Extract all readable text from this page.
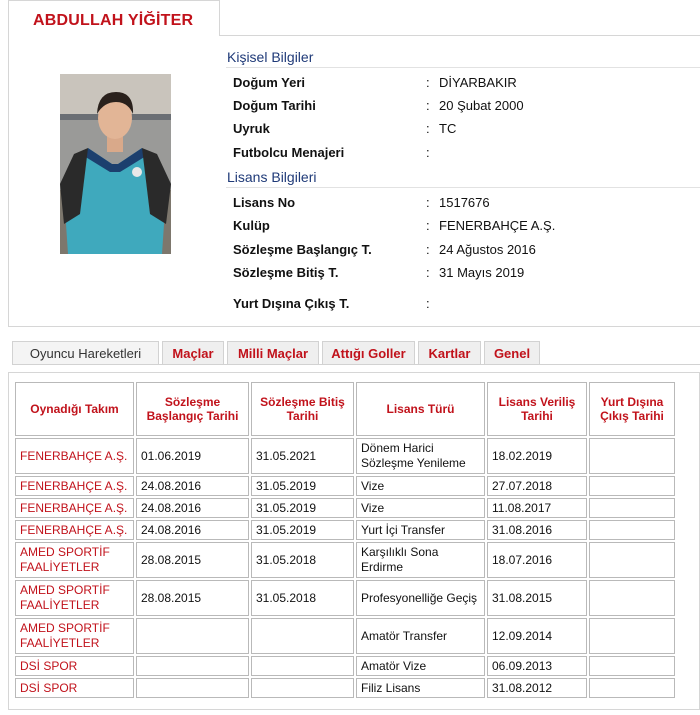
ABDULLAH YİĞİTER
Kişisel Bilgiler
Doğum Yeri	: DİYARBAKIR
Doğum Tarihi	: 20 Şubat 2000
Uyruk	: TC
Futbolcu Menajeri	:
Lisans Bilgileri
Lisans No	: 1517676
Kulüp	: FENERBAHÇE A.Ş.
Sözleşme Başlangıç T.	: 24 Ağustos 2016
Sözleşme Bitiş T.	: 31 Mayıs 2019
Yurt Dışına Çıkış T.	:
Oyuncu Hareketleri	Maçlar	Milli Maçlar	Attığı Goller	Kartlar	Genel
Oynadığı Takım	Sözleşme Başlangıç Tarihi	Sözleşme Bitiş Tarihi	Lisans Türü	Lisans Veriliş Tarihi	Yurt Dışına Çıkış Tarihi
FENERBAHÇE A.Ş.	01.06.2019	31.05.2021	Dönem Harici Sözleşme Yenileme	18.02.2019	
FENERBAHÇE A.Ş.	24.08.2016	31.05.2019	Vize	27.07.2018	
FENERBAHÇE A.Ş.	24.08.2016	31.05.2019	Vize	11.08.2017	
FENERBAHÇE A.Ş.	24.08.2016	31.05.2019	Yurt İçi Transfer	31.08.2016	
AMED SPORTİF FAALİYETLER	28.08.2015	31.05.2018	Karşılıklı Sona Erdirme	18.07.2016	
AMED SPORTİF FAALİYETLER	28.08.2015	31.05.2018	Profesyonelliğe Geçiş	31.08.2015	
AMED SPORTİF FAALİYETLER			Amatör Transfer	12.09.2014	
DSİ SPOR			Amatör Vize	06.09.2013	
DSİ SPOR			Filiz Lisans	31.08.2012	
